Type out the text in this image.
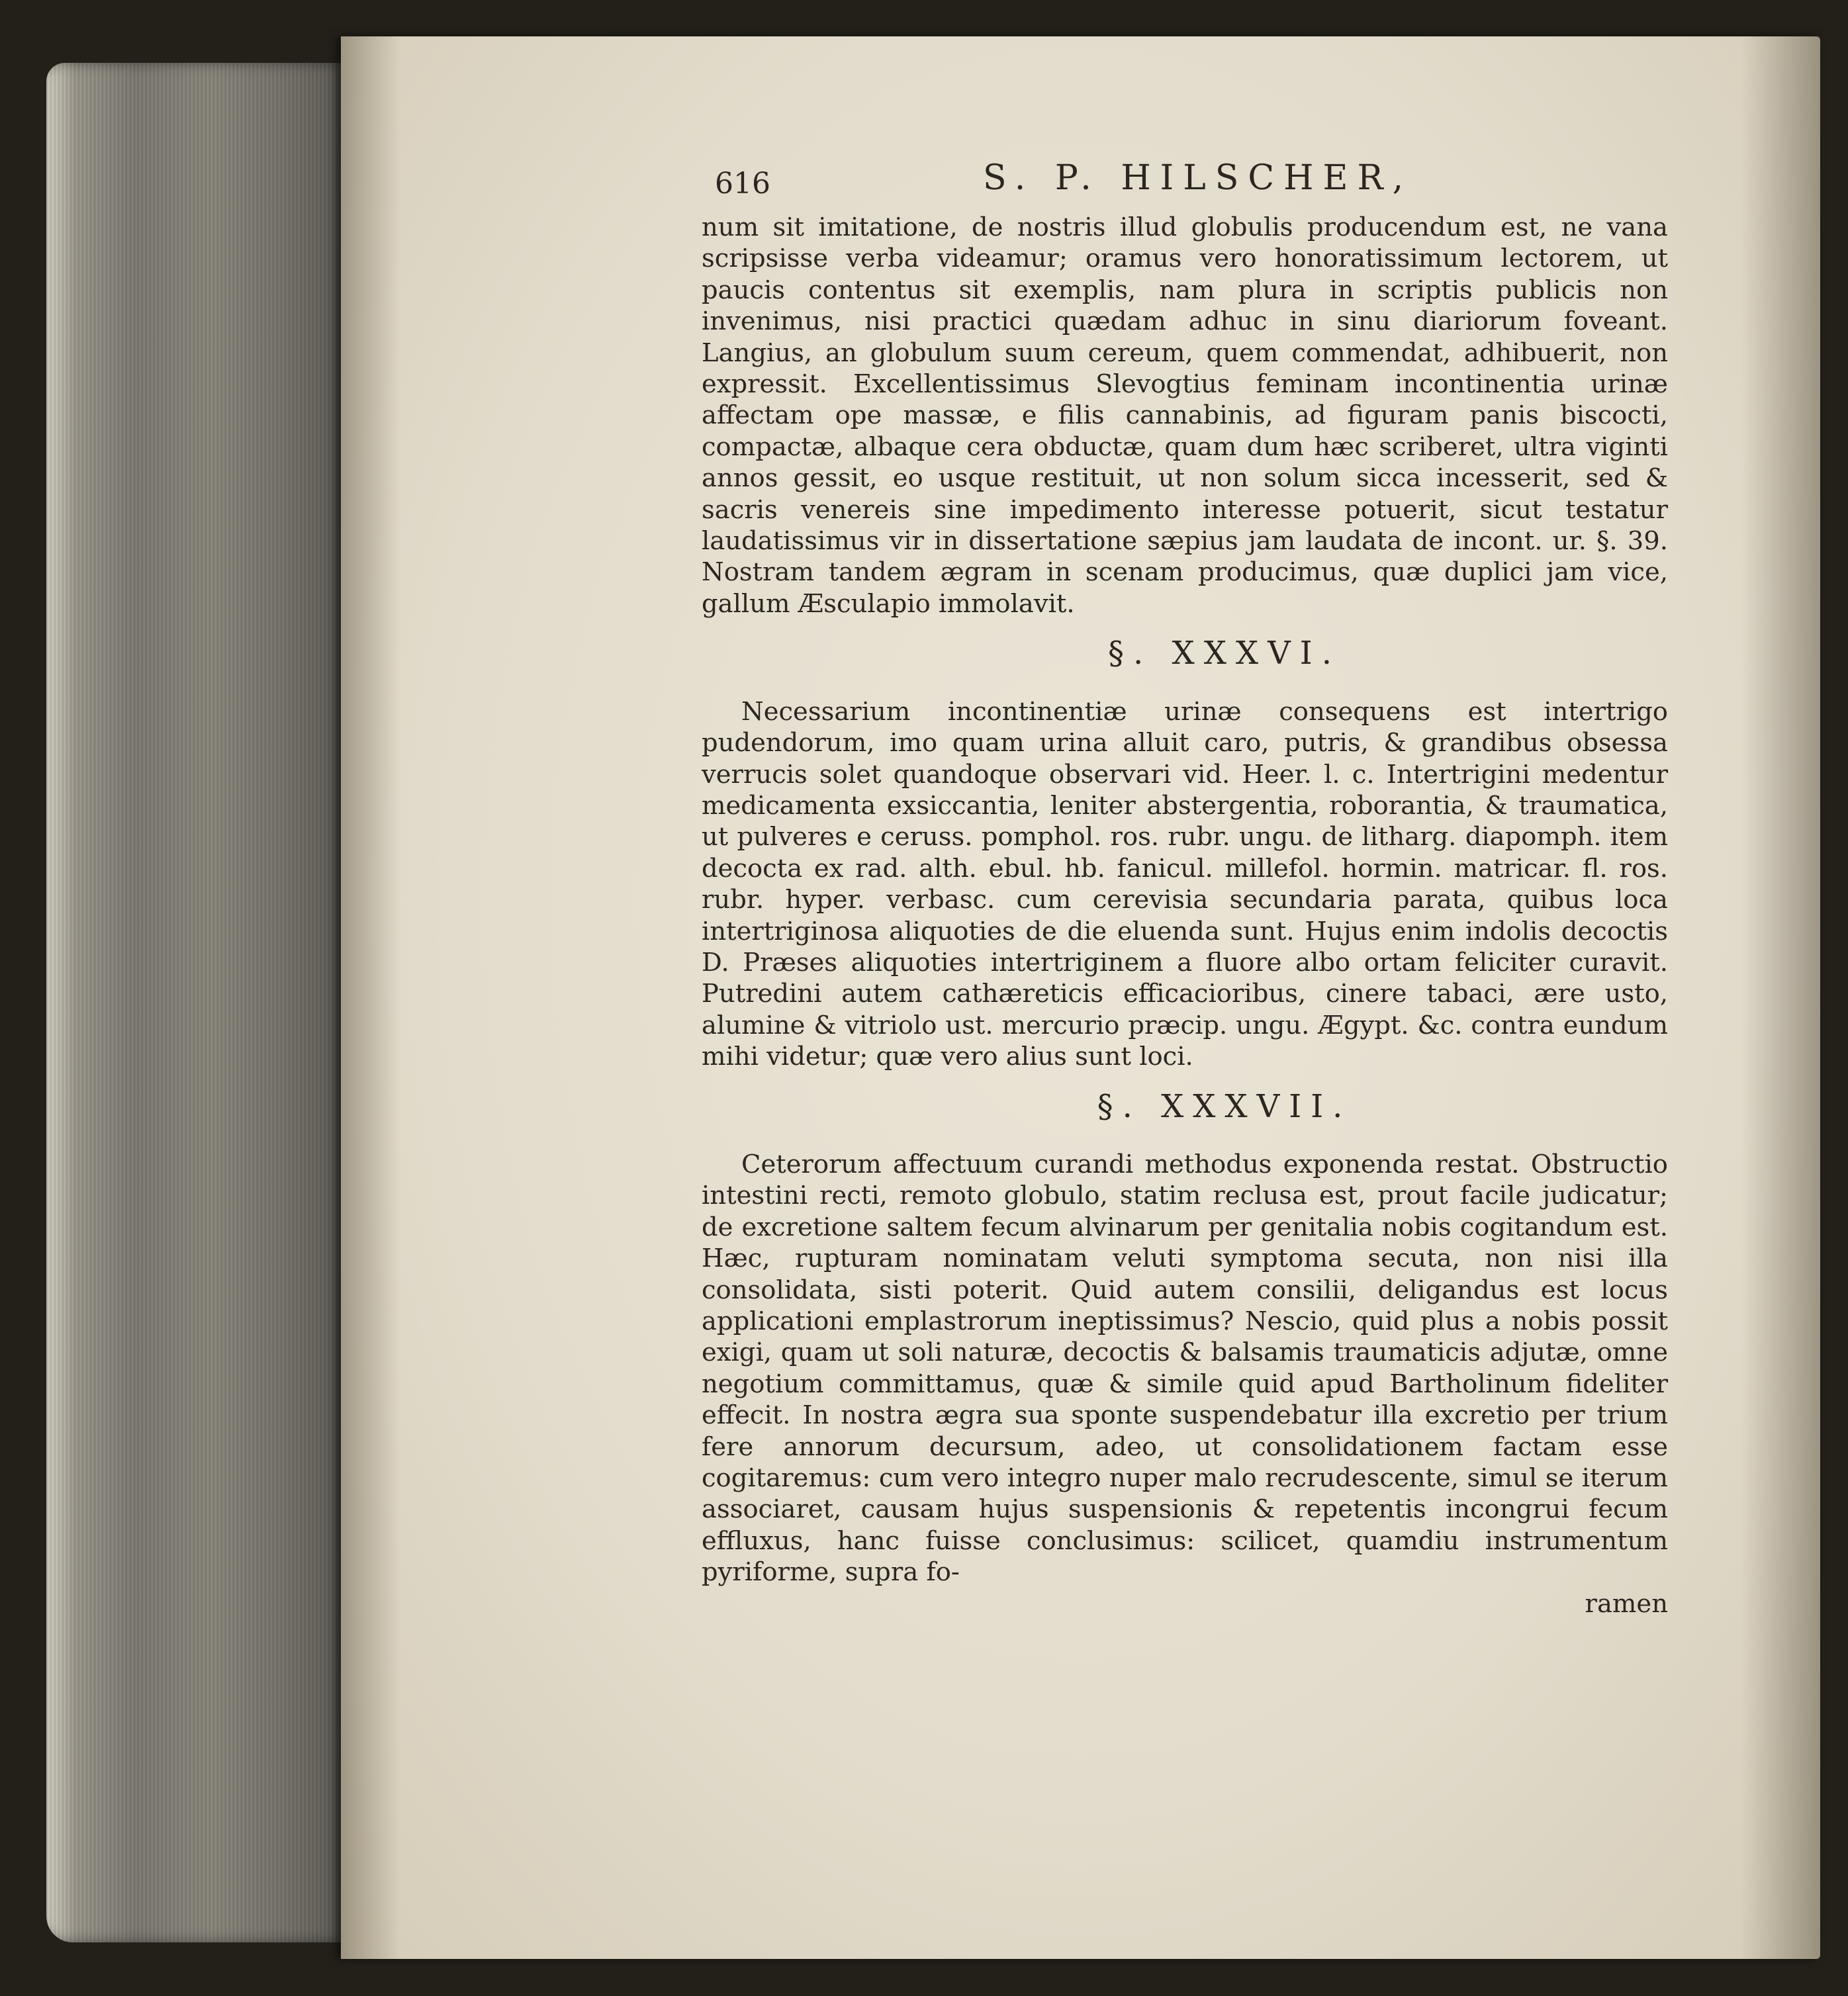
616	S. P. HILSCHER,

num sit imitatione, de nostris illud globulis producendum est, ne vana scripsisse verba videamur; oramus vero honoratissimum lectorem, ut paucis contentus sit exemplis, nam plura in scriptis publicis non invenimus, nisi practici quædam adhuc in sinu diariorum foveant. Langius, an globulum suum cereum, quem commendat, adhibuerit, non expressit. Excellentissimus Slevogtius feminam incontinentia urinæ affectam ope massæ, e filis cannabinis, ad figuram panis biscocti, compactæ, albaque cera obductæ, quam dum hæc scriberet, ultra viginti annos gessit, eo usque restituit, ut non solum sicca incesserit, sed & sacris venereis sine impedimento interesse potuerit, sicut testatur laudatissimus vir in dissertatione sæpius jam laudata de incont. ur. §. 39. Nostram tandem ægram in scenam producimus, quæ duplici jam vice, gallum Æsculapio immolavit.

§. XXXVI.

Necessarium incontinentiæ urinæ consequens est intertrigo pudendorum, imo quam urina alluit caro, putris, & grandibus obsessa verrucis solet quandoque observari vid. Heer. l. c. Intertrigini medentur medicamenta exsiccantia, leniter abstergentia, roborantia, & traumatica, ut pulveres e ceruss. pomphol. ros. rubr. ungu. de litharg. diapomph. item decocta ex rad. alth. ebul. hb. fanicul. millefol. hormin. matricar. fl. ros. rubr. hyper. verbasc. cum cerevisia secundaria parata, quibus loca intertriginosa aliquoties de die eluenda sunt. Hujus enim indolis decoctis D. Præses aliquoties intertriginem a fluore albo ortam feliciter curavit. Putredini autem cathæreticis efficacioribus, cinere tabaci, ære usto, alumine & vitriolo ust. mercurio præcip. ungu. Ægypt. &c. contra eundum mihi videtur; quæ vero alius sunt loci.

§. XXXVII.

Ceterorum affectuum curandi methodus exponenda restat. Obstructio intestini recti, remoto globulo, statim reclusa est, prout facile judicatur; de excretione saltem fecum alvinarum per genitalia nobis cogitandum est. Hæc, rupturam nominatam veluti symptoma secuta, non nisi illa consolidata, sisti poterit. Quid autem consilii, deligandus est locus applicationi emplastrorum ineptissimus? Nescio, quid plus a nobis possit exigi, quam ut soli naturæ, decoctis & balsamis traumaticis adjutæ, omne negotium committamus, quæ & simile quid apud Bartholinum fideliter effecit. In nostra ægra sua sponte suspendebatur illa excretio per trium fere annorum decursum, adeo, ut consolidationem factam esse cogitaremus: cum vero integro nuper malo recrudescente, simul se iterum associaret, causam hujus suspensionis & repetentis incongrui fecum effluxus, hanc fuisse conclusimus: scilicet, quamdiu instrumentum pyriforme, supra fo-

ramen
